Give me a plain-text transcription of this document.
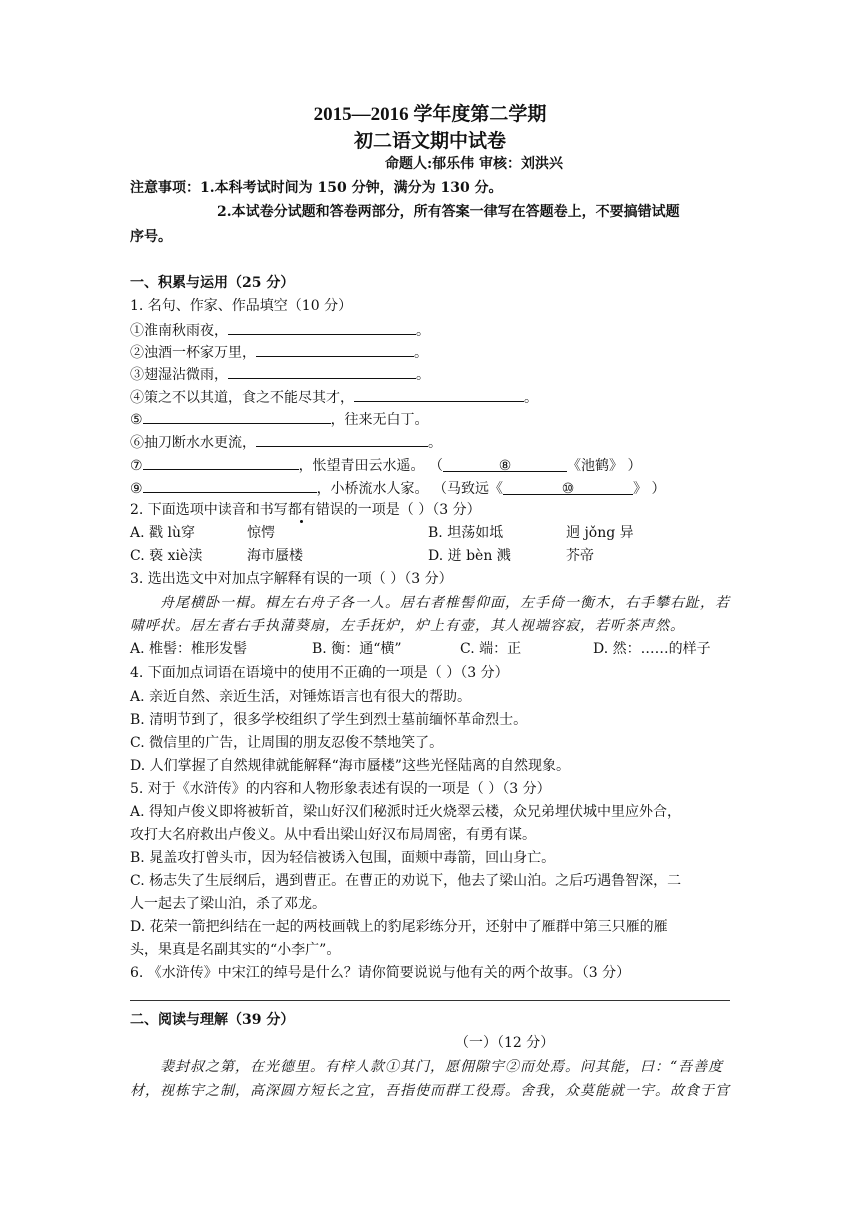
2015—2016 学年度第二学期
初二语文期中试卷
命题人:郁乐伟 审核：刘洪兴
注意事项：1.本科考试时间为 150 分钟，满分为 130 分。
2.本试卷分试题和答卷两部分，所有答案一律写在答题卷上，不要搞错试题
序号。
一、积累与运用（25 分）
1. 名句、作家、作品填空（10 分）
①淮南秋雨夜，	。
②浊酒一杯家万里，	。
③翅湿沾微雨，	。
④策之不以其道，食之不能尽其才，	。
⑤	，往来无白丁。
⑥抽刀断水水更流，	。
⑦	，怅望青田云水遥。 （	⑧	《池鹤》 ）
⑨	，小桥流水人家。 （马致远《	⑩	》 ）
2. 下面选项中读音和书写都有错误的一项是（ ）（3 分）
A. 戳 lù穿	惊愕	B. 坦荡如坻	迥 jǒng 异
C. 亵 xiè渎	海市蜃楼	D. 迸 bèn 溅	芥帝
3. 选出选文中对加点字解释有误的一项（ ）（3 分）
舟尾横卧一楫。楫左右舟子各一人。居右者椎髻仰面，左手倚一衡木，右手攀右趾，若
啸呼状。居左者右手执蒲葵扇，左手抚炉，炉上有壶，其人视端容寂，若听茶声然。
A. 椎髻：椎形发髻	B. 衡：通“横”	C. 端：正	D. 然：……的样子
4. 下面加点词语在语境中的使用不正确的一项是（ ）（3 分）
A. 亲近自然、亲近生活，对锤炼语言也有很大的帮助。
B. 清明节到了，很多学校组织了学生到烈士墓前缅怀革命烈士。
C. 微信里的广告，让周围的朋友忍俊不禁地笑了。
D. 人们掌握了自然规律就能解释“海市蜃楼”这些光怪陆离的自然现象。
5. 对于《水浒传》的内容和人物形象表述有误的一项是（ ）（3 分）
A. 得知卢俊义即将被斩首，梁山好汉们秘派时迁火烧翠云楼，众兄弟埋伏城中里应外合，
攻打大名府救出卢俊义。从中看出梁山好汉布局周密，有勇有谋。
B. 晁盖攻打曾头市，因为轻信被诱入包围，面颊中毒箭，回山身亡。
C. 杨志失了生辰纲后，遇到曹正。在曹正的劝说下，他去了梁山泊。之后巧遇鲁智深，二
人一起去了梁山泊，杀了邓龙。
D. 花荣一箭把纠结在一起的两枝画戟上的豹尾彩练分开，还射中了雁群中第三只雁的雁
头，果真是名副其实的“小李广”。
6. 《水浒传》中宋江的绰号是什么？请你简要说说与他有关的两个故事。（3 分）
二、阅读与理解（39 分）
（一）（12 分）
裴封叔之第，在光德里。有梓人款①其门，愿佣隙宇②而处焉。问其能，曰：“吾善度
材，视栋宇之制，高深圆方短长之宜，吾指使而群工役焉。舍我，众莫能就一宇。故食于官
